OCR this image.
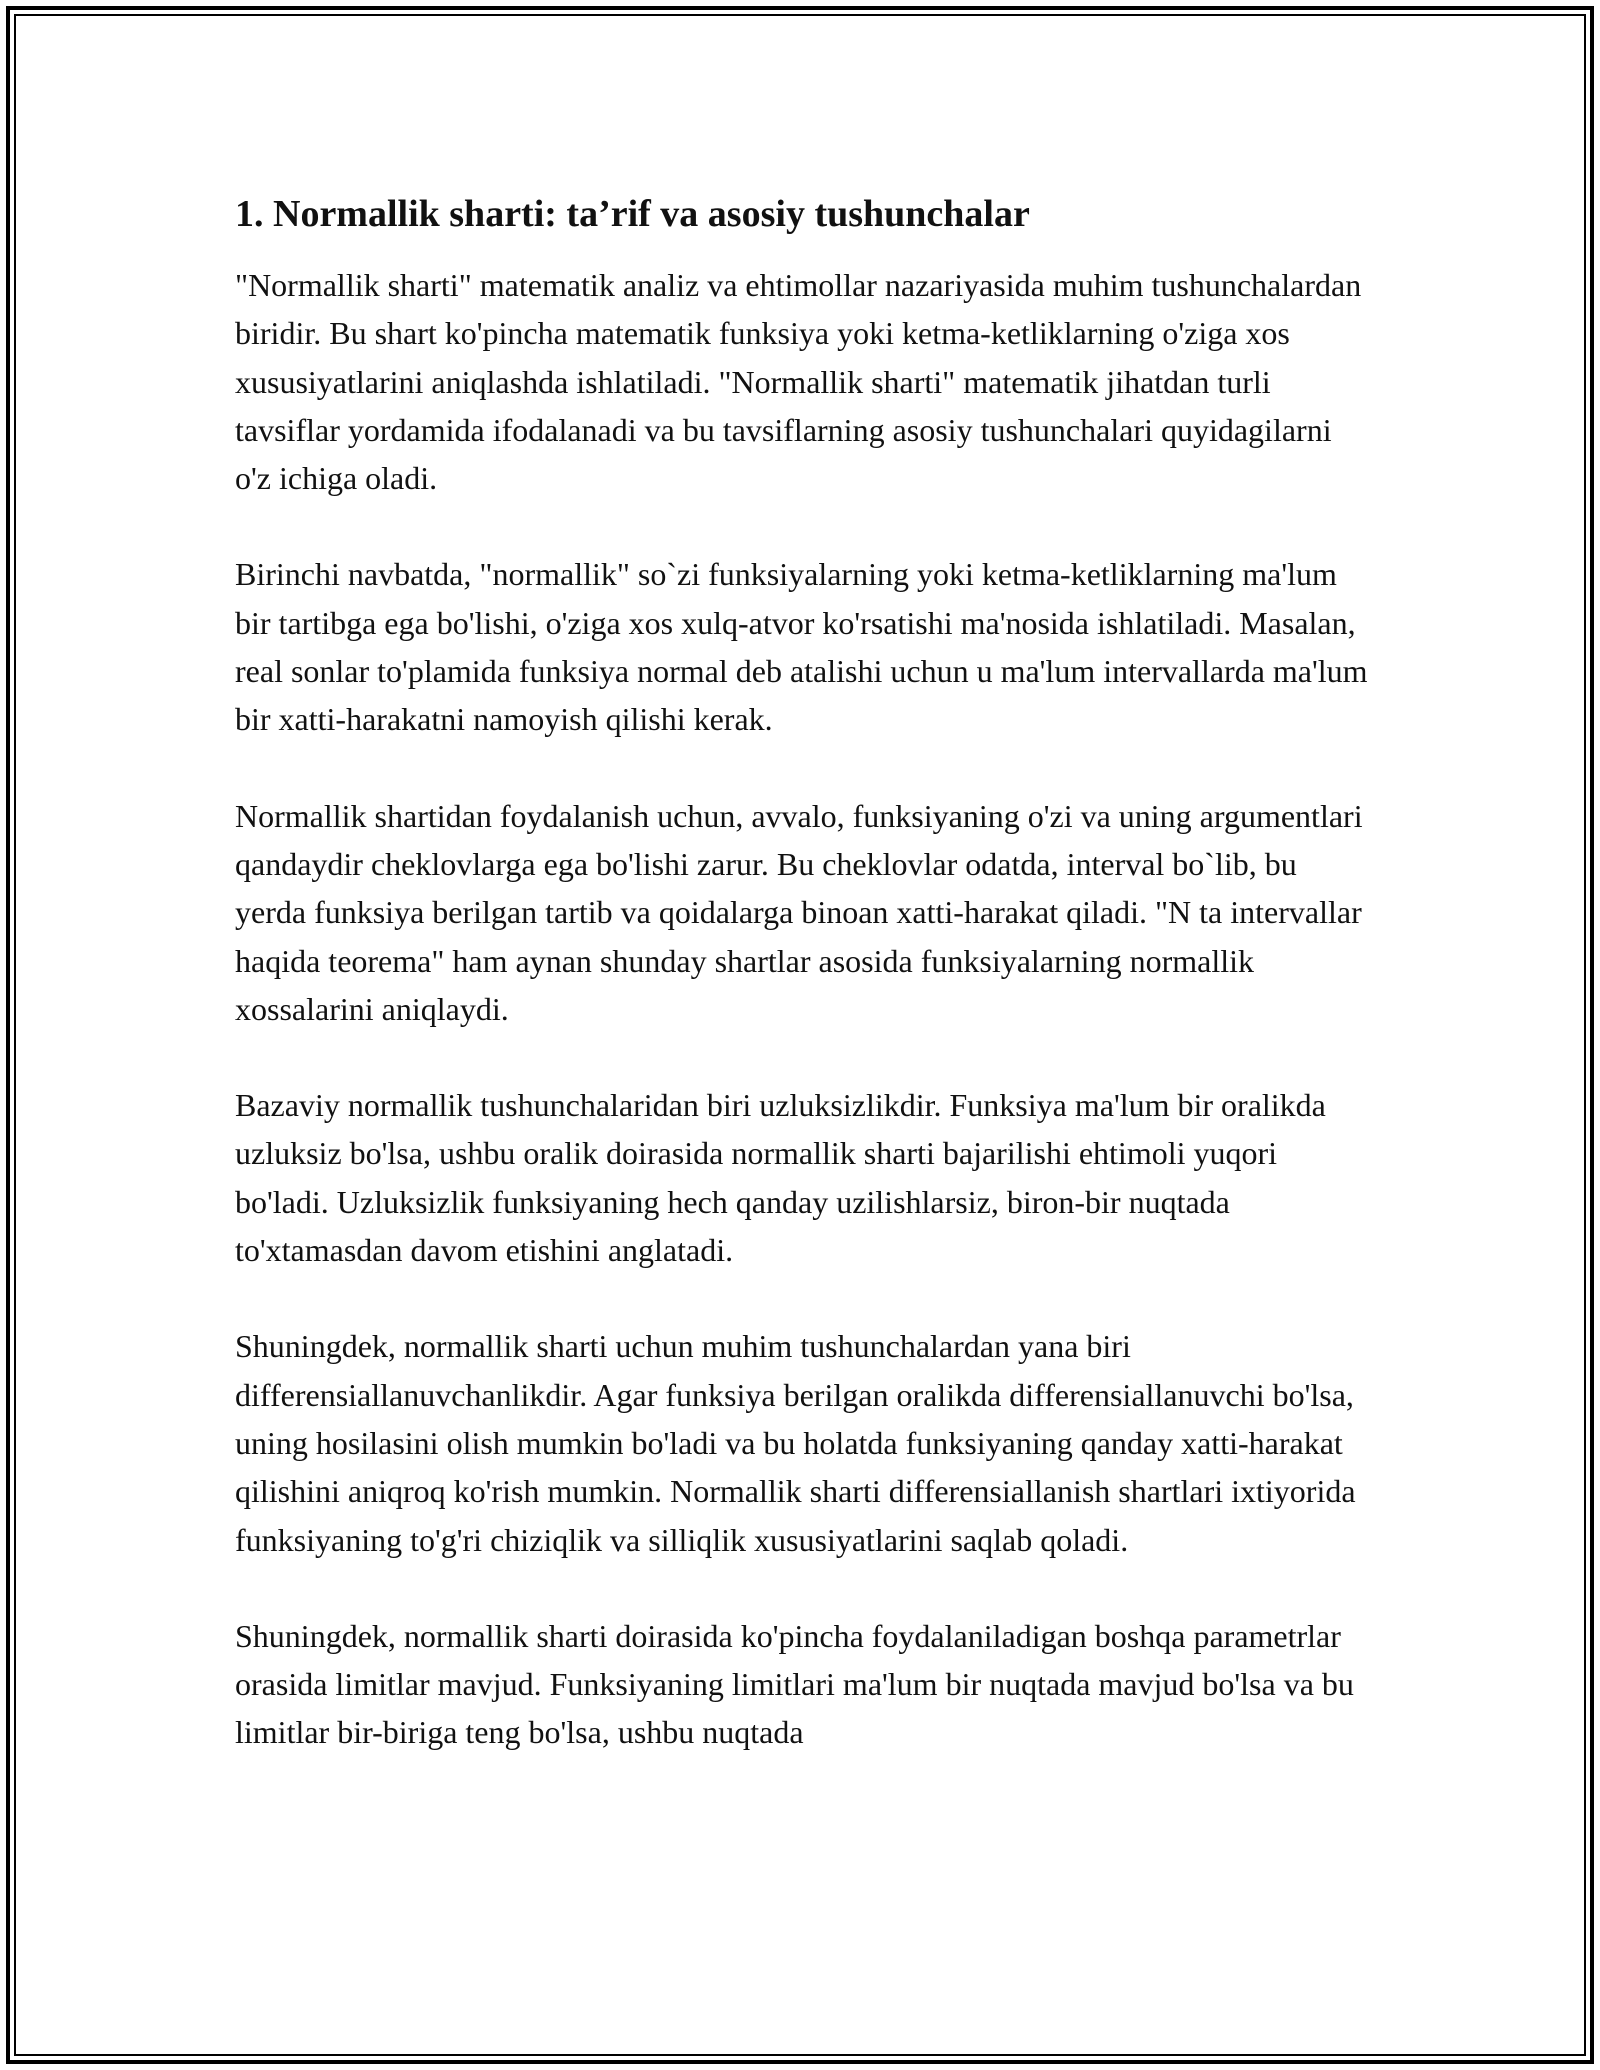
1. Normallik sharti: ta’rif va asosiy tushunchalar

"Normallik sharti" matematik analiz va ehtimollar nazariyasida muhim tushunchalardan biridir. Bu shart ko'pincha matematik funksiya yoki ketma-ketliklarning o'ziga xos xususiyatlarini aniqlashda ishlatiladi. "Normallik sharti" matematik jihatdan turli tavsiflar yordamida ifodalanadi va bu tavsiflarning asosiy tushunchalari quyidagilarni o'z ichiga oladi.

Birinchi navbatda, "normallik" so`zi funksiyalarning yoki ketma-ketliklarning ma'lum bir tartibga ega bo'lishi, o'ziga xos xulq-atvor ko'rsatishi ma'nosida ishlatiladi. Masalan, real sonlar to'plamida funksiya normal deb atalishi uchun u ma'lum intervallarda ma'lum bir xatti-harakatni namoyish qilishi kerak.

Normallik shartidan foydalanish uchun, avvalo, funksiyaning o'zi va uning argumentlari qandaydir cheklovlarga ega bo'lishi zarur. Bu cheklovlar odatda, interval bo`lib, bu yerda funksiya berilgan tartib va qoidalarga binoan xatti-harakat qiladi. "N ta intervallar haqida teorema" ham aynan shunday shartlar asosida funksiyalarning normallik xossalarini aniqlaydi.

Bazaviy normallik tushunchalaridan biri uzluksizlikdir. Funksiya ma'lum bir oralikda uzluksiz bo'lsa, ushbu oralik doirasida normallik sharti bajarilishi ehtimoli yuqori bo'ladi. Uzluksizlik funksiyaning hech qanday uzilishlarsiz, biron-bir nuqtada to'xtamasdan davom etishini anglatadi.

Shuningdek, normallik sharti uchun muhim tushunchalardan yana biri differensiallanuvchanlikdir. Agar funksiya berilgan oralikda differensiallanuvchi bo'lsa, uning hosilasini olish mumkin bo'ladi va bu holatda funksiyaning qanday xatti-harakat qilishini aniqroq ko'rish mumkin. Normallik sharti differensiallanish shartlari ixtiyorida funksiyaning to'g'ri chiziqlik va silliqlik xususiyatlarini saqlab qoladi.

Shuningdek, normallik sharti doirasida ko'pincha foydalaniladigan boshqa parametrlar orasida limitlar mavjud. Funksiyaning limitlari ma'lum bir nuqtada mavjud bo'lsa va bu limitlar bir-biriga teng bo'lsa, ushbu nuqtada
